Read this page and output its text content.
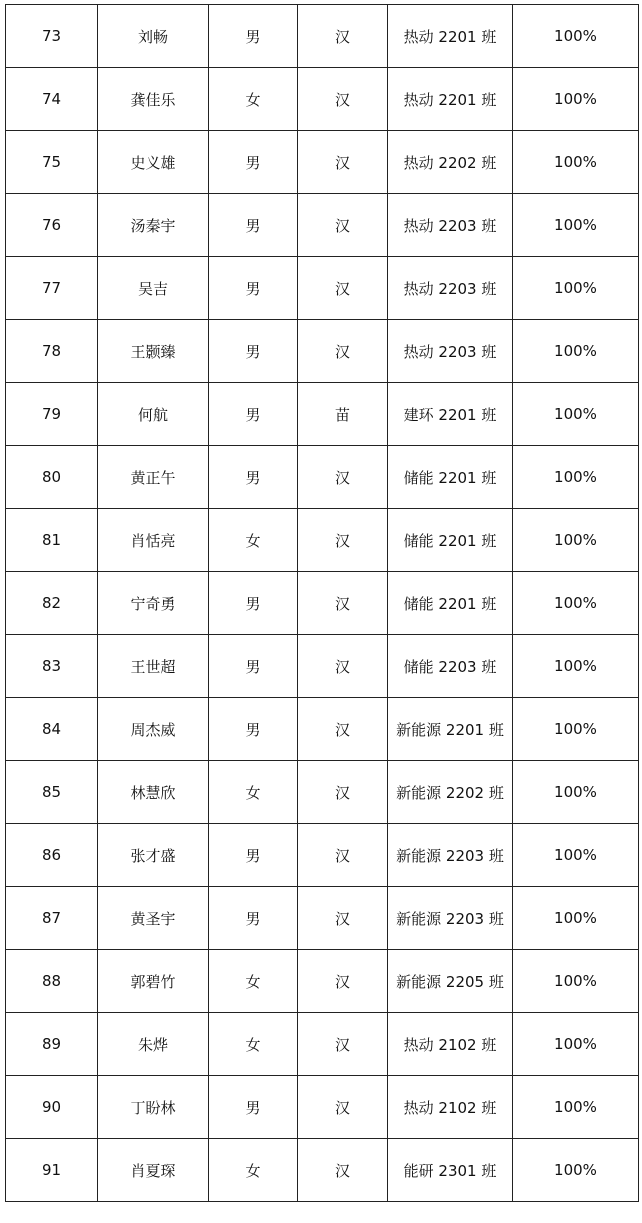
73	刘畅	男	汉	热动 2201 班	100%
74	龚佳乐	女	汉	热动 2201 班	100%
75	史义雄	男	汉	热动 2202 班	100%
76	汤秦宇	男	汉	热动 2203 班	100%
77	吴吉	男	汉	热动 2203 班	100%
78	王颢臻	男	汉	热动 2203 班	100%
79	何航	男	苗	建环 2201 班	100%
80	黄正午	男	汉	储能 2201 班	100%
81	肖恬亮	女	汉	储能 2201 班	100%
82	宁奇勇	男	汉	储能 2201 班	100%
83	王世超	男	汉	储能 2203 班	100%
84	周杰威	男	汉	新能源 2201 班	100%
85	林慧欣	女	汉	新能源 2202 班	100%
86	张才盛	男	汉	新能源 2203 班	100%
87	黄圣宇	男	汉	新能源 2203 班	100%
88	郭碧竹	女	汉	新能源 2205 班	100%
89	朱烨	女	汉	热动 2102 班	100%
90	丁盼林	男	汉	热动 2102 班	100%
91	肖夏琛	女	汉	能研 2301 班	100%
